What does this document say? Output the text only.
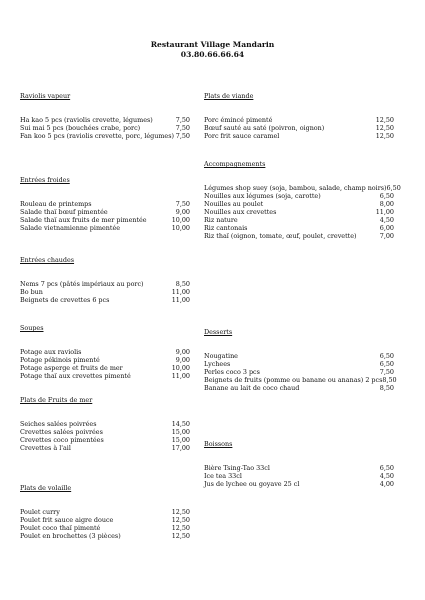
Restaurant Village Mandarin
03.80.66.66.64
Raviolis vapeur
Ha kao 5 pcs (raviolis crevette, légumes)	7,50
Sui mai 5 pcs (bouchées crabe, porc)	7,50
Fan koo 5 pcs (raviolis crevette, porc, légumes) 7,50
Entrées froides
Rouleau de printemps	7,50
Salade thaï bœuf pimentée	9,00
Salade thaï aux fruits de mer pimentée	10,00
Salade vietnamienne pimentée	10,00
Entrées chaudes
Nems 7 pcs (pâtés impériaux au porc)	8,50
Bo bun	11,00
Beignets de crevettes 6 pcs	11,00
Soupes
Potage aux raviolis	9,00
Potage pékinois pimenté	9,00
Potage asperge et fruits de mer	10,00
Potage thaï aux crevettes pimenté	11,00
Plats de Fruits de mer
Seiches salées poivrées	14,50
Crevettes salées poivrées	15,00
Crevettes coco pimentées	15,00
Crevettes à l'ail	17,00
Plats de volaille
Poulet curry	12,50
Poulet frit sauce aigre douce	12,50
Poulet coco thaï pimenté	12,50
Poulet en brochettes (3 pièces)	12,50
Plats de viande
Porc émincé pimenté	12,50
Bœuf sauté au saté (poivron, oignon)	12,50
Porc frit sauce caramel	12,50
Accompagnements
Légumes shop suey (soja, bambou, salade, champ noirs) 6,50
Nouilles aux légumes (soja, carotte)	6,50
Nouilles au poulet	8,00
Nouilles aux crevettes	11,00
Riz nature	4,50
Riz cantonais	6,00
Riz thaï (oignon, tomate, œuf, poulet, crevette)	7,00
Desserts
Nougatine	6,50
Lychees	6,50
Perles coco 3 pcs	7,50
Beignets de fruits (pomme ou banane ou ananas) 2 pcs 8,50
Banane au lait de coco chaud	8,50
Boissons
Bière Tsing-Tao 33cl	6,50
Ice tea 33cl	4,50
Jus de lychee ou goyave 25 cl	4,00
